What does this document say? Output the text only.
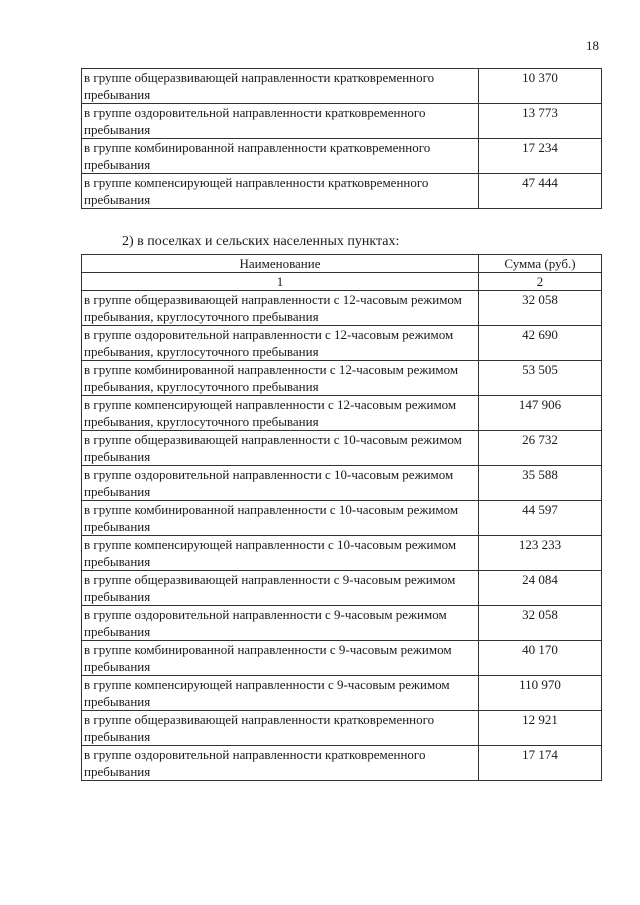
18
в группе общеразвивающей направленности кратковременного пребывания	10 370
в группе оздоровительной направленности кратковременного пребывания	13 773
в группе комбинированной направленности кратковременного пребывания	17 234
в группе компенсирующей направленности кратковременного пребывания	47 444
2) в поселках и сельских населенных пунктах:
Наименование	Сумма (руб.)
1	2
в группе общеразвивающей направленности с 12-часовым режимом пребывания, круглосуточного пребывания	32 058
в группе оздоровительной направленности с 12-часовым режимом пребывания, круглосуточного пребывания	42 690
в группе комбинированной направленности с 12-часовым режимом пребывания, круглосуточного пребывания	53 505
в группе компенсирующей направленности с 12-часовым режимом пребывания, круглосуточного пребывания	147 906
в группе общеразвивающей направленности с 10-часовым режимом пребывания	26 732
в группе оздоровительной направленности с 10-часовым режимом пребывания	35 588
в группе комбинированной направленности с 10-часовым режимом пребывания	44 597
в группе компенсирующей направленности с 10-часовым режимом пребывания	123 233
в группе общеразвивающей направленности с 9-часовым режимом пребывания	24 084
в группе оздоровительной направленности с 9-часовым режимом пребывания	32 058
в группе комбинированной направленности с 9-часовым режимом пребывания	40 170
в группе компенсирующей направленности с 9-часовым режимом пребывания	110 970
в группе общеразвивающей направленности кратковременного пребывания	12 921
в группе оздоровительной направленности кратковременного пребывания	17 174
